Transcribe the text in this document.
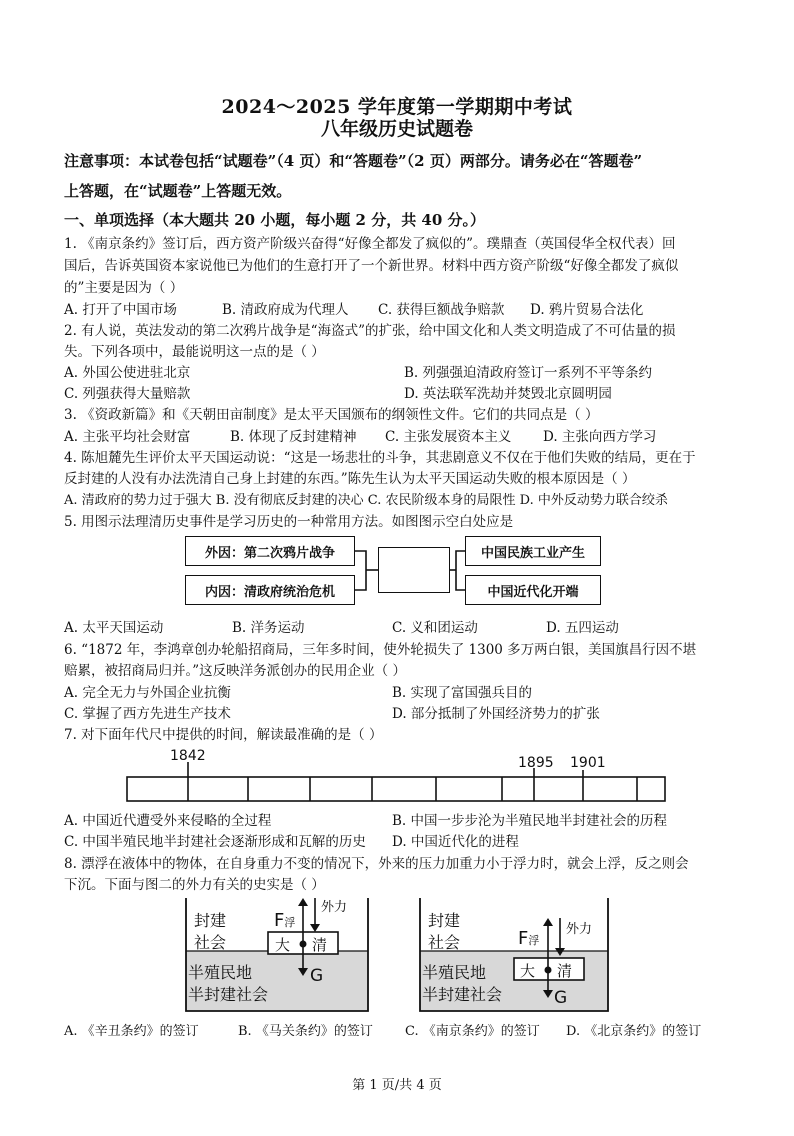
2024～2025 学年度第一学期期中考试
八年级历史试题卷
注意事项：本试卷包括“试题卷”（4 页）和“答题卷”（2 页）两部分。请务必在“答题卷”
上答题，在“试题卷”上答题无效。
一、单项选择（本大题共 20 小题，每小题 2 分，共 40 分。）
1. 《南京条约》签订后，西方资产阶级兴奋得“好像全都发了疯似的”。璞鼎查（英国侵华全权代表）回
国后，告诉英国资本家说他已为他们的生意打开了一个新世界。材料中西方资产阶级“好像全都发了疯似
的”主要是因为（ ）
A. 打开了中国市场	B. 清政府成为代理人 C. 获得巨额战争赔款 D. 鸦片贸易合法化
2. 有人说，英法发动的第二次鸦片战争是“海盗式”的扩张，给中国文化和人类文明造成了不可估量的损
失。下列各项中，最能说明这一点的是（ ）
A. 外国公使进驻北京	B. 列强强迫清政府签订一系列不平等条约
C. 列强获得大量赔款	D. 英法联军洗劫并焚毁北京圆明园
3. 《资政新篇》和《天朝田亩制度》是太平天国颁布的纲领性文件。它们的共同点是（ ）
A. 主张平均社会财富	B. 体现了反封建精神 C. 主张发展资本主义 D. 主张向西方学习
4. 陈旭麓先生评价太平天国运动说：“这是一场悲壮的斗争，其悲剧意义不仅在于他们失败的结局，更在于
反封建的人没有办法洗清自己身上封建的东西。”陈先生认为太平天国运动失败的根本原因是（ ）
A. 清政府的势力过于强大 B. 没有彻底反封建的决心 C. 农民阶级本身的局限性 D. 中外反动势力联合绞杀
5. 用图示法理清历史事件是学习历史的一种常用方法。如图图示空白处应是
外因：第二次鸦片战争
内因：清政府统治危机
中国民族工业产生
中国近代化开端
A. 太平天国运动	B. 洋务运动	C. 义和团运动	D. 五四运动
6. “1872 年，李鸿章创办轮船招商局，三年多时间，使外轮损失了 1300 多万两白银，美国旗昌行因不堪
赔累，被招商局归并。”这反映洋务派创办的民用企业（ ）
A. 完全无力与外国企业抗衡	B. 实现了富国强兵目的
C. 掌握了西方先进生产技术	D. 部分抵制了外国经济势力的扩张
7. 对下面年代尺中提供的时间，解读最准确的是（ ）
1842	1895 1901
A. 中国近代遭受外来侵略的全过程	B. 中国一步步沦为半殖民地半封建社会的历程
C. 中国半殖民地半封建社会逐渐形成和瓦解的历史 D. 中国近代化的进程
8. 漂浮在液体中的物体，在自身重力不变的情况下，外来的压力加重力小于浮力时，就会上浮，反之则会
下沉。下面与图二的外力有关的史实是（ ）
封建
社会
半殖民地
半封建社会
F浮
外力
大 清
G
封建
社会
半殖民地
半封建社会
F浮
外力
大 清
G
A. 《辛丑条约》的签订	B. 《马关条约》的签订 C. 《南京条约》的签订 D. 《北京条约》的签订
第 1 页/共 4 页
